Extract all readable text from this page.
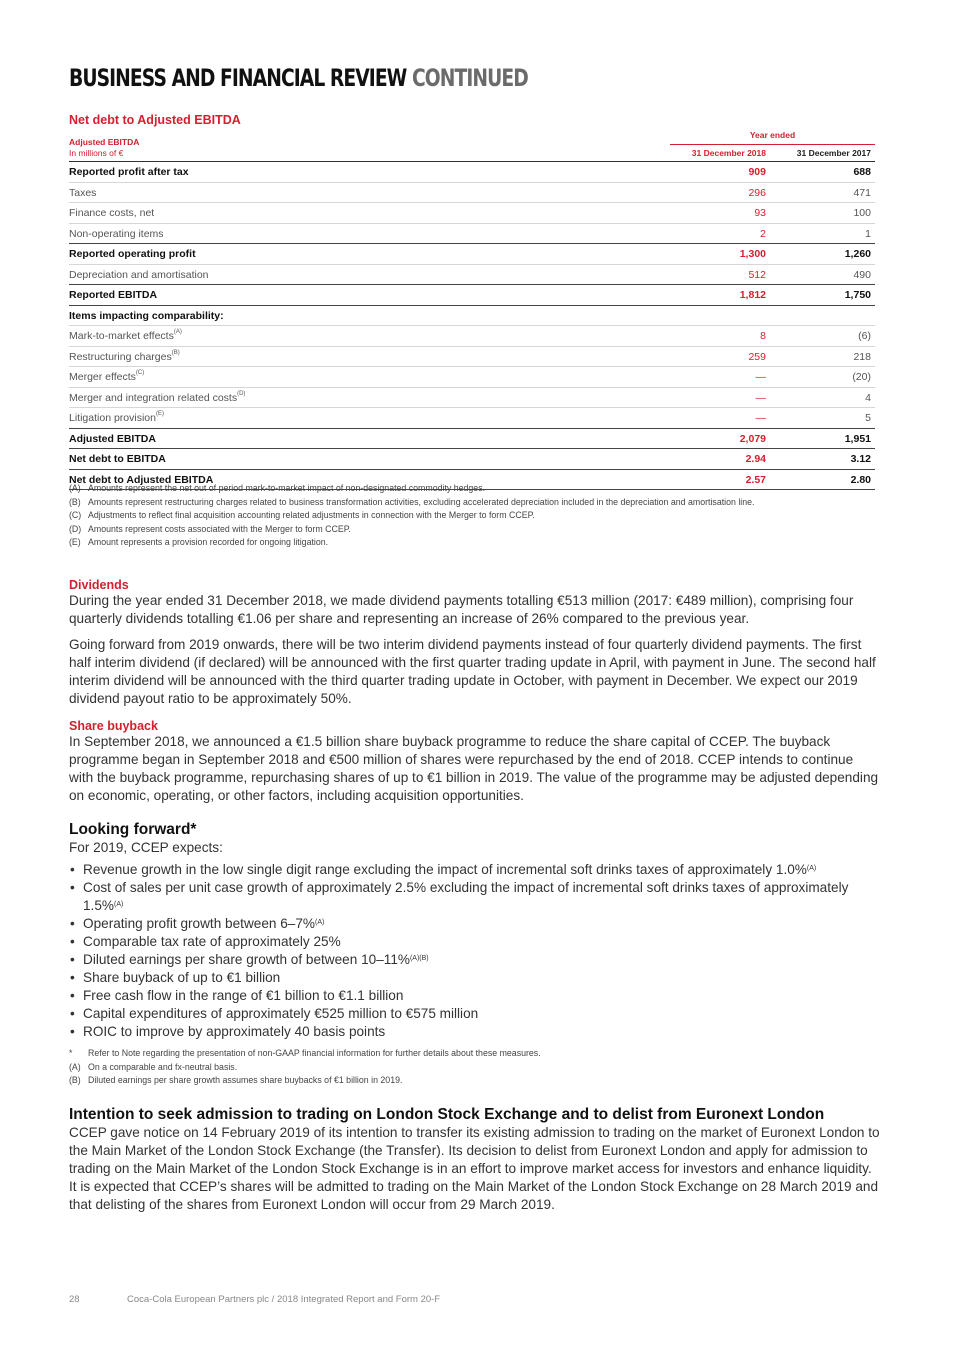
BUSINESS AND FINANCIAL REVIEW CONTINUED

Net debt to Adjusted EBITDA

Adjusted EBITDA
In millions of €
Year ended
31 December 2018	31 December 2017
Reported profit after tax	909	688
Taxes	296	471
Finance costs, net	93	100
Non-operating items	2	1
Reported operating profit	1,300	1,260
Depreciation and amortisation	512	490
Reported EBITDA	1,812	1,750
Items impacting comparability:
Mark-to-market effects$^{(A)}$	8	(6)
Restructuring charges$^{(B)}$	259	218
Merger effects$^{(C)}$	—	(20)
Merger and integration related costs$^{(D)}$	—	4
Litigation provision$^{(E)}$	—	5
Adjusted EBITDA	2,079	1,951
Net debt to EBITDA	2.94	3.12
Net debt to Adjusted EBITDA	2.57	2.80
(A) Amounts represent the net out of period mark-to-market impact of non-designated commodity hedges.
(B) Amounts represent restructuring charges related to business transformation activities, excluding accelerated depreciation included in the depreciation and amortisation line.
(C) Adjustments to reflect final acquisition accounting related adjustments in connection with the Merger to form CCEP.
(D) Amounts represent costs associated with the Merger to form CCEP.
(E) Amount represents a provision recorded for ongoing litigation.

Dividends

During the year ended 31 December 2018, we made dividend payments totalling €513 million (2017: €489 million), comprising four quarterly dividends totalling €1.06 per share and representing an increase of 26% compared to the previous year.

Going forward from 2019 onwards, there will be two interim dividend payments instead of four quarterly dividend payments. The first half interim dividend (if declared) will be announced with the first quarter trading update in April, with payment in June. The second half interim dividend will be announced with the third quarter trading update in October, with payment in December. We expect our 2019 dividend payout ratio to be approximately 50%.

Share buyback

In September 2018, we announced a €1.5 billion share buyback programme to reduce the share capital of CCEP. The buyback programme began in September 2018 and €500 million of shares were repurchased by the end of 2018. CCEP intends to continue with the buyback programme, repurchasing shares of up to €1 billion in 2019. The value of the programme may be adjusted depending on economic, operating, or other factors, including acquisition opportunities.

Looking forward*

For 2019, CCEP expects:

• Revenue growth in the low single digit range excluding the impact of incremental soft drinks taxes of approximately 1.0%$^{(A)}$
• Cost of sales per unit case growth of approximately 2.5% excluding the impact of incremental soft drinks taxes of approximately 1.5%$^{(A)}$
• Operating profit growth between 6–7%$^{(A)}$
• Comparable tax rate of approximately 25%
• Diluted earnings per share growth of between 10–11%$^{(A)(B)}$
• Share buyback of up to €1 billion
• Free cash flow in the range of €1 billion to €1.1 billion
• Capital expenditures of approximately €525 million to €575 million
• ROIC to improve by approximately 40 basis points
* Refer to Note regarding the presentation of non-GAAP financial information for further details about these measures.
(A) On a comparable and fx-neutral basis.
(B) Diluted earnings per share growth assumes share buybacks of €1 billion in 2019.

Intention to seek admission to trading on London Stock Exchange and to delist from Euronext London

CCEP gave notice on 14 February 2019 of its intention to transfer its existing admission to trading on the market of Euronext London to the Main Market of the London Stock Exchange (the Transfer). Its decision to delist from Euronext London and apply for admission to trading on the Main Market of the London Stock Exchange is in an effort to improve market access for investors and enhance liquidity. It is expected that CCEP’s shares will be admitted to trading on the Main Market of the London Stock Exchange on 28 March 2019 and that delisting of the shares from Euronext London will occur from 29 March 2019.

28	Coca-Cola European Partners plc / 2018 Integrated Report and Form 20-F
